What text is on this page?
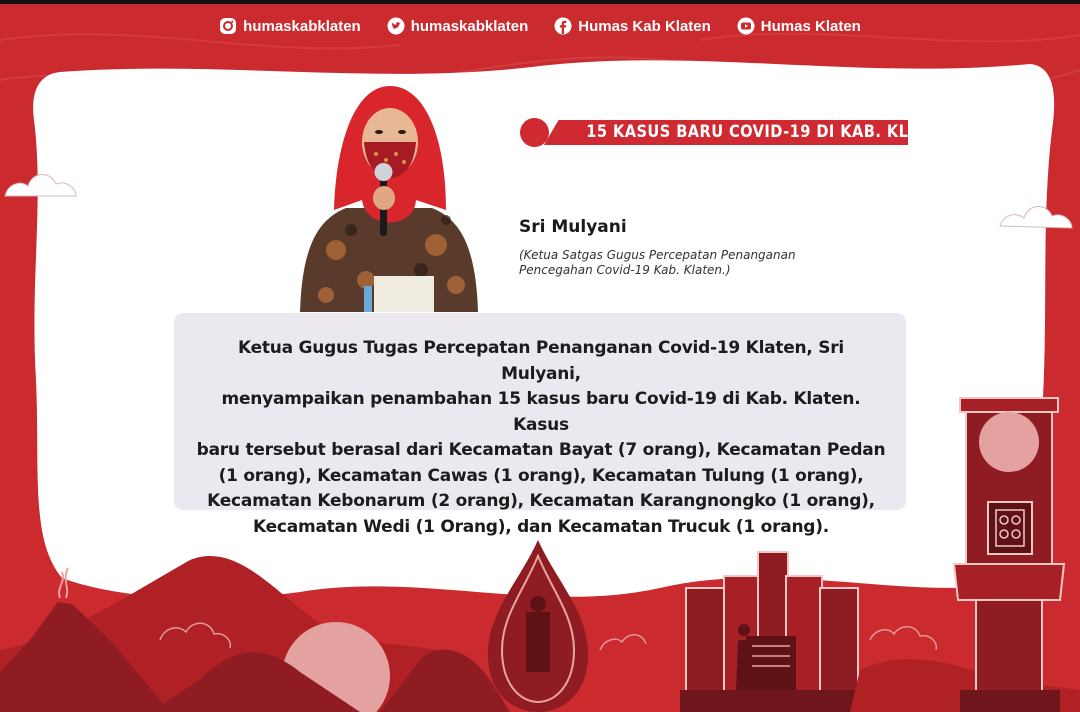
humaskabklaten	humaskabklaten	Humas Kab Klaten	Humas Klaten
15 KASUS BARU COVID-19 DI KAB. KLATEN
Sri Mulyani
(Ketua Satgas Gugus Percepatan Penanganan
Pencegahan Covid-19 Kab. Klaten.)
Ketua Gugus Tugas Percepatan Penanganan Covid-19 Klaten, Sri Mulyani,
menyampaikan penambahan 15 kasus baru Covid-19 di Kab. Klaten. Kasus
baru tersebut berasal dari Kecamatan Bayat (7 orang), Kecamatan Pedan
(1 orang), Kecamatan Cawas (1 orang), Kecamatan Tulung (1 orang),
Kecamatan Kebonarum (2 orang), Kecamatan Karangnongko (1 orang),
Kecamatan Wedi (1 Orang), dan Kecamatan Trucuk (1 orang).
